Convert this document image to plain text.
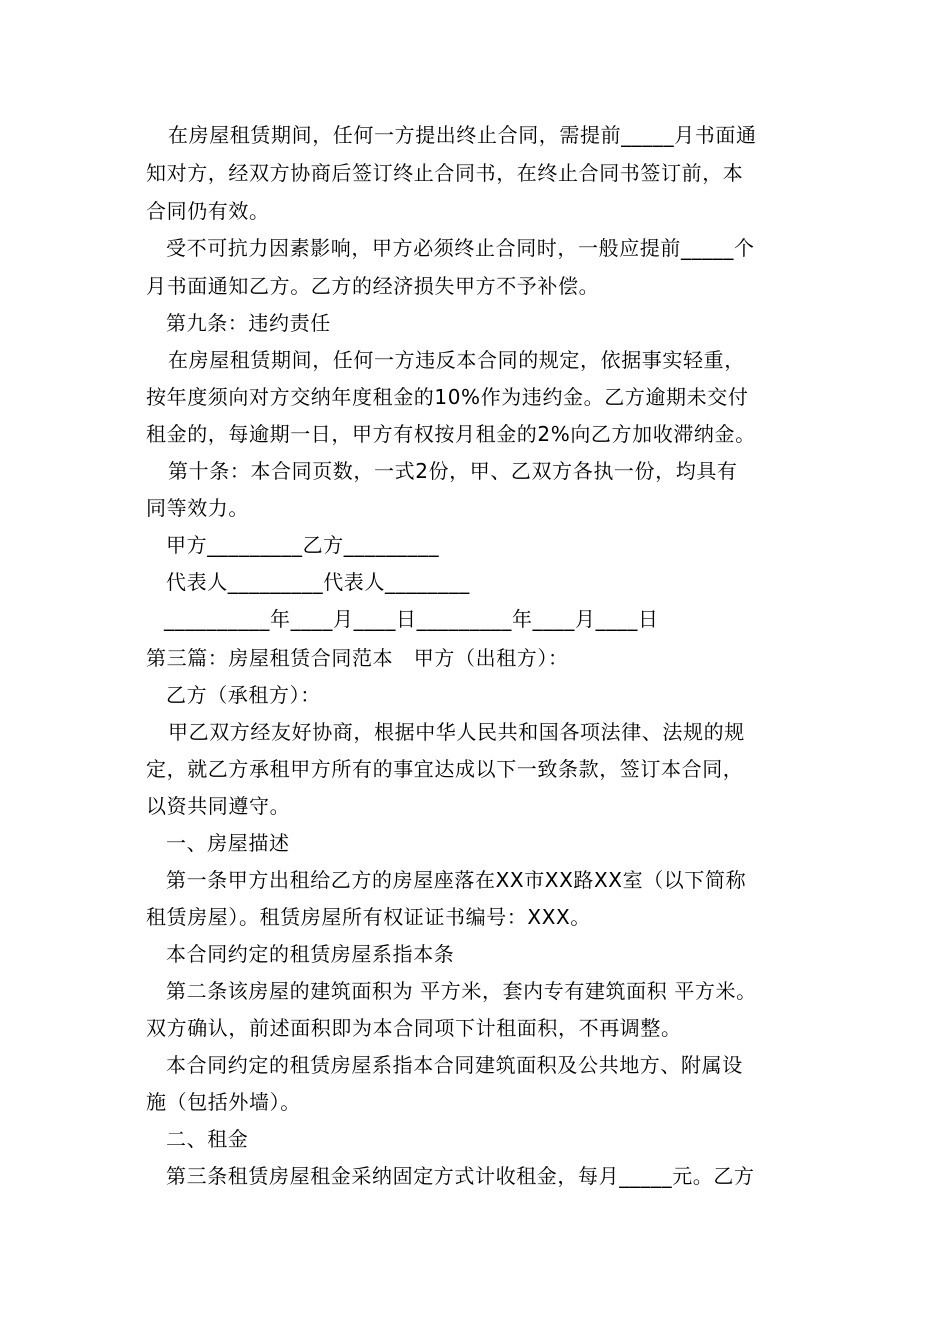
在房屋租赁期间，任何一方提出终止合同，需提前_____月书面通
知对方，经双方协商后签订终止合同书，在终止合同书签订前，本
合同仍有效。
受不可抗力因素影响，甲方必须终止合同时，一般应提前_____个
月书面通知乙方。乙方的经济损失甲方不予补偿。
第九条：违约责任
在房屋租赁期间，任何一方违反本合同的规定，依据事实轻重，
按年度须向对方交纳年度租金的10%作为违约金。乙方逾期未交付
租金的，每逾期一日，甲方有权按月租金的2%向乙方加收滞纳金。
第十条：本合同页数，一式2份，甲、乙双方各执一份，均具有
同等效力。
甲方_________乙方_________
代表人_________代表人________
__________年____月____日_________年____月____日
第三篇：房屋租赁合同范本　甲方（出租方）：
乙方（承租方）：
甲乙双方经友好协商，根据中华人民共和国各项法律、法规的规
定，就乙方承租甲方所有的事宜达成以下一致条款，签订本合同，
以资共同遵守。
一、房屋描述
第一条甲方出租给乙方的房屋座落在XX市XX路XX室（以下简称
租赁房屋）。租赁房屋所有权证证书编号：XXX。
本合同约定的租赁房屋系指本条
第二条该房屋的建筑面积为 平方米，套内专有建筑面积 平方米。
双方确认，前述面积即为本合同项下计租面积，不再调整。
本合同约定的租赁房屋系指本合同建筑面积及公共地方、附属设
施（包括外墙）。
二、租金
第三条租赁房屋租金采纳固定方式计收租金，每月_____元。乙方
